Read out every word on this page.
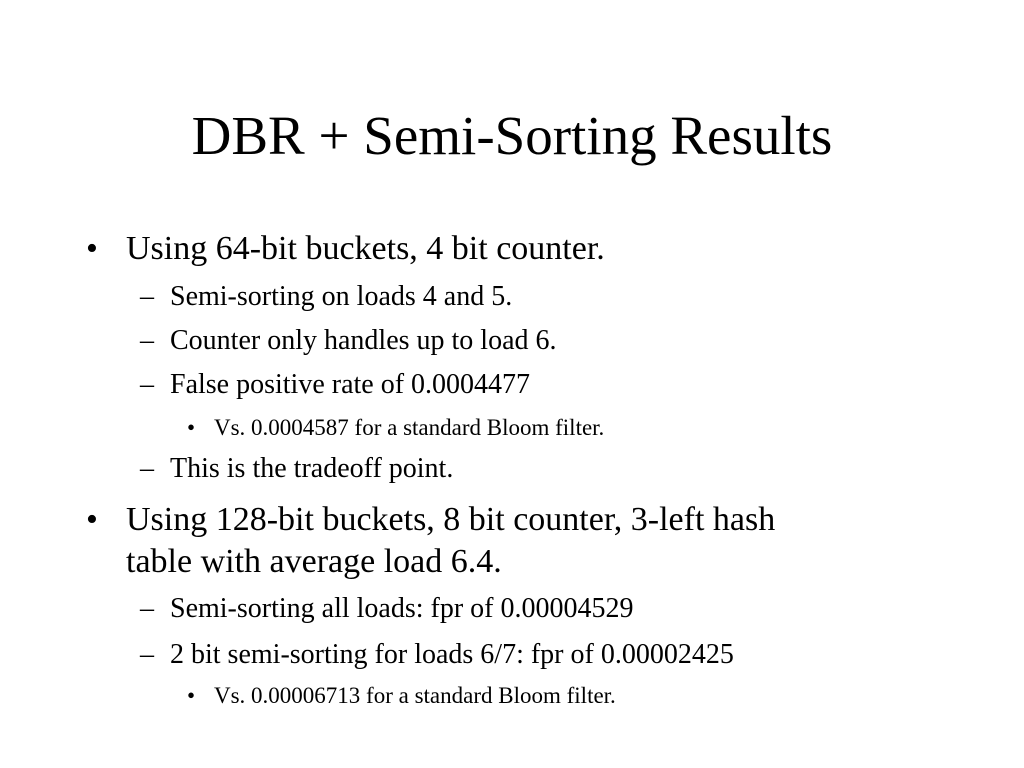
DBR + Semi-Sorting Results
• Using 64-bit buckets, 4 bit counter.
– Semi-sorting on loads 4 and 5.
– Counter only handles up to load 6.
– False positive rate of 0.0004477
• Vs. 0.0004587 for a standard Bloom filter.
– This is the tradeoff point.
• Using 128-bit buckets, 8 bit counter, 3-left hash
table with average load 6.4.
– Semi-sorting all loads: fpr of 0.00004529
– 2 bit semi-sorting for loads 6/7: fpr of 0.00002425
• Vs. 0.00006713 for a standard Bloom filter.
